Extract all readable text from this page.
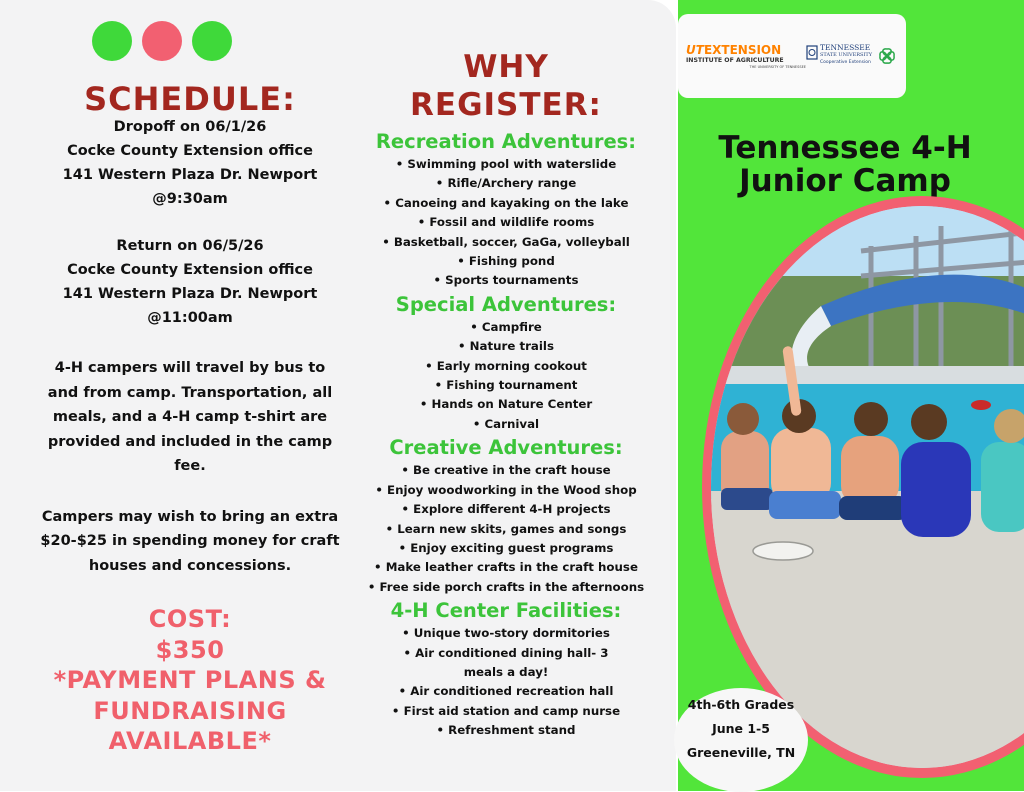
SCHEDULE:

Dropoff on 06/1/26

Cocke County Extension office

141 Western Plaza Dr. Newport

@9:30am

Return on 06/5/26

Cocke County Extension office

141 Western Plaza Dr. Newport

@11:00am

4-H campers will travel by bus to and from camp. Transportation, all meals, and a 4-H camp t-shirt are provided and included in the camp fee.

Campers may wish to bring an extra $20-$25 in spending money for craft houses and concessions.

COST:

$350

*PAYMENT PLANS &

FUNDRAISING

AVAILABLE*

WHY REGISTER:

Recreation Adventures:

• Swimming pool with waterslide

• Rifle/Archery range

• Canoeing and kayaking on the lake

• Fossil and wildlife rooms

• Basketball, soccer, GaGa, volleyball

• Fishing pond

• Sports tournaments

Special Adventures:

• Campfire

• Nature trails

• Early morning cookout

• Fishing tournament

• Hands on Nature Center

• Carnival

Creative Adventures:

• Be creative in the craft house

• Enjoy woodworking in the Wood shop

• Explore different 4-H projects

• Learn new skits, games and songs

• Enjoy exciting guest programs

• Make leather crafts in the craft house

• Free side porch crafts in the afternoons

4-H Center Facilities:

• Unique two-story dormitories

• Air conditioned dining hall- 3 meals a day!

• Air conditioned recreation hall

• First aid station and camp nurse

• Refreshment stand

UTEXTENSION
INSTITUTE OF AGRICULTURE
THE UNIVERSITY OF TENNESSEE
TENNESSEE
STATE UNIVERSITY
Cooperative Extension
Tennessee 4-H
Junior Camp

4th-6th Grades

June 1-5

Greeneville, TN
